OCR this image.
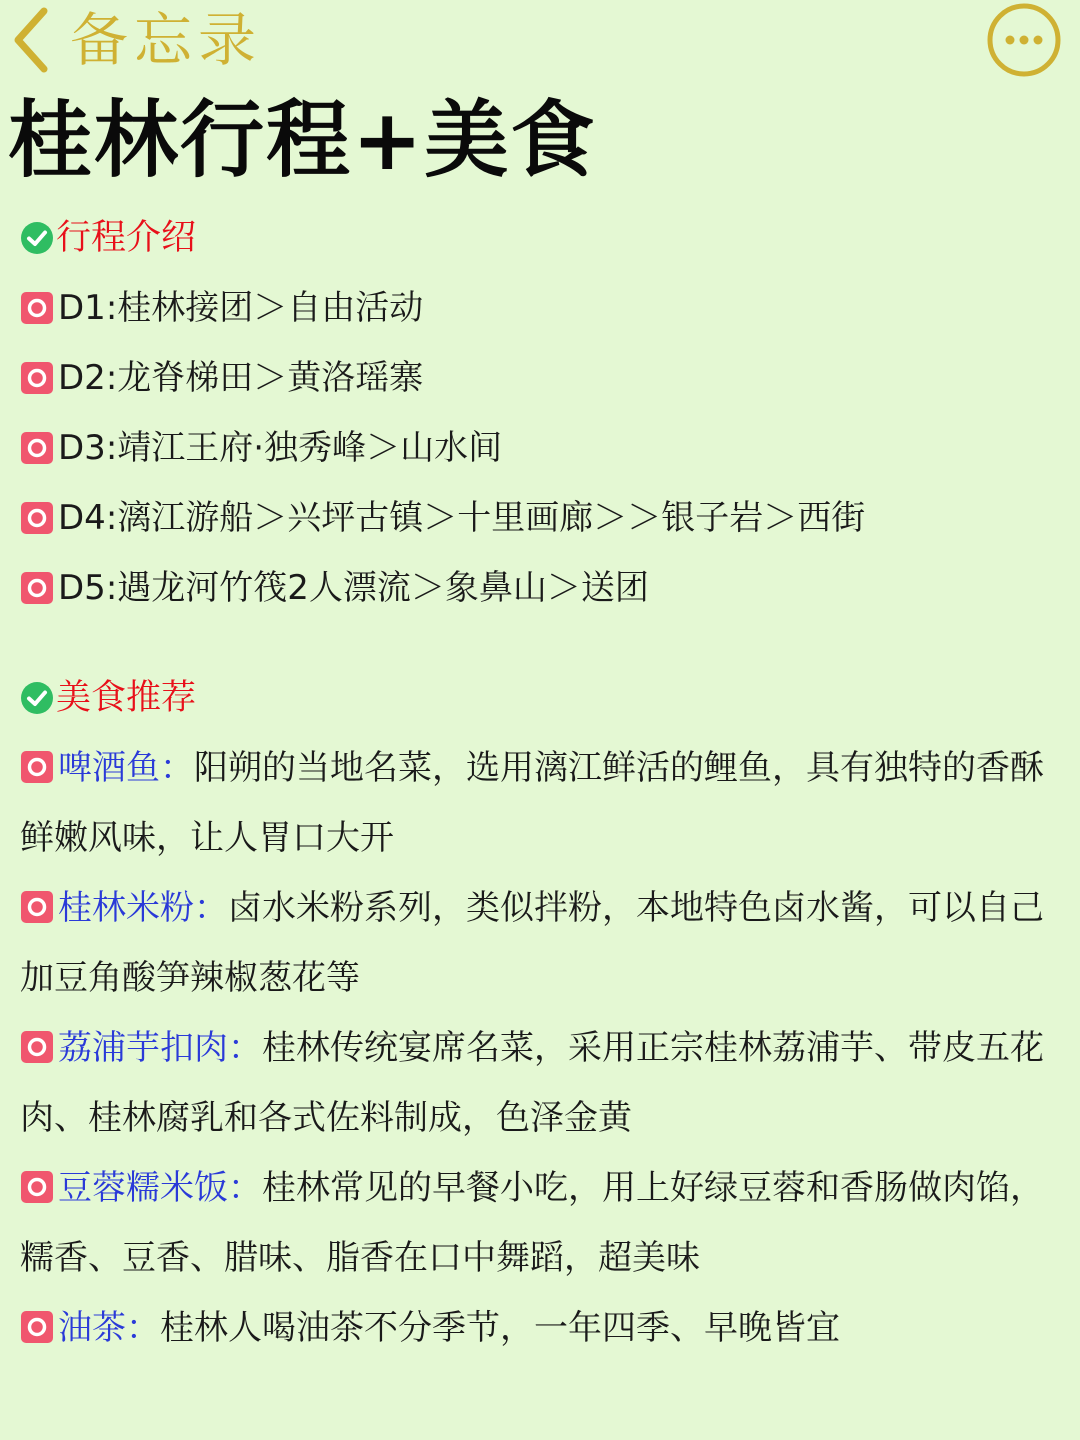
备忘录
桂林行程+美食
行程介绍
D1:桂林接团＞自由活动
D2:龙脊梯田＞黄洛瑶寨
D3:靖江王府·独秀峰＞山水间
D4:漓江游船＞兴坪古镇＞十里画廊＞＞银子岩＞西街
D5:遇龙河竹筏2人漂流＞象鼻山＞送团
美食推荐

啤酒鱼：阳朔的当地名菜，选用漓江鲜活的鲤鱼，具有独特的香酥鲜嫩风味，让人胃口大开

桂林米粉：卤水米粉系列，类似拌粉，本地特色卤水酱，可以自己加豆角酸笋辣椒葱花等

荔浦芋扣肉：桂林传统宴席名菜，采用正宗桂林荔浦芋、带皮五花肉、桂林腐乳和各式佐料制成，色泽金黄

豆蓉糯米饭：桂林常见的早餐小吃，用上好绿豆蓉和香肠做肉馅，糯香、豆香、腊味、脂香在口中舞蹈，超美味

油茶：桂林人喝油茶不分季节，一年四季、早晚皆宜
